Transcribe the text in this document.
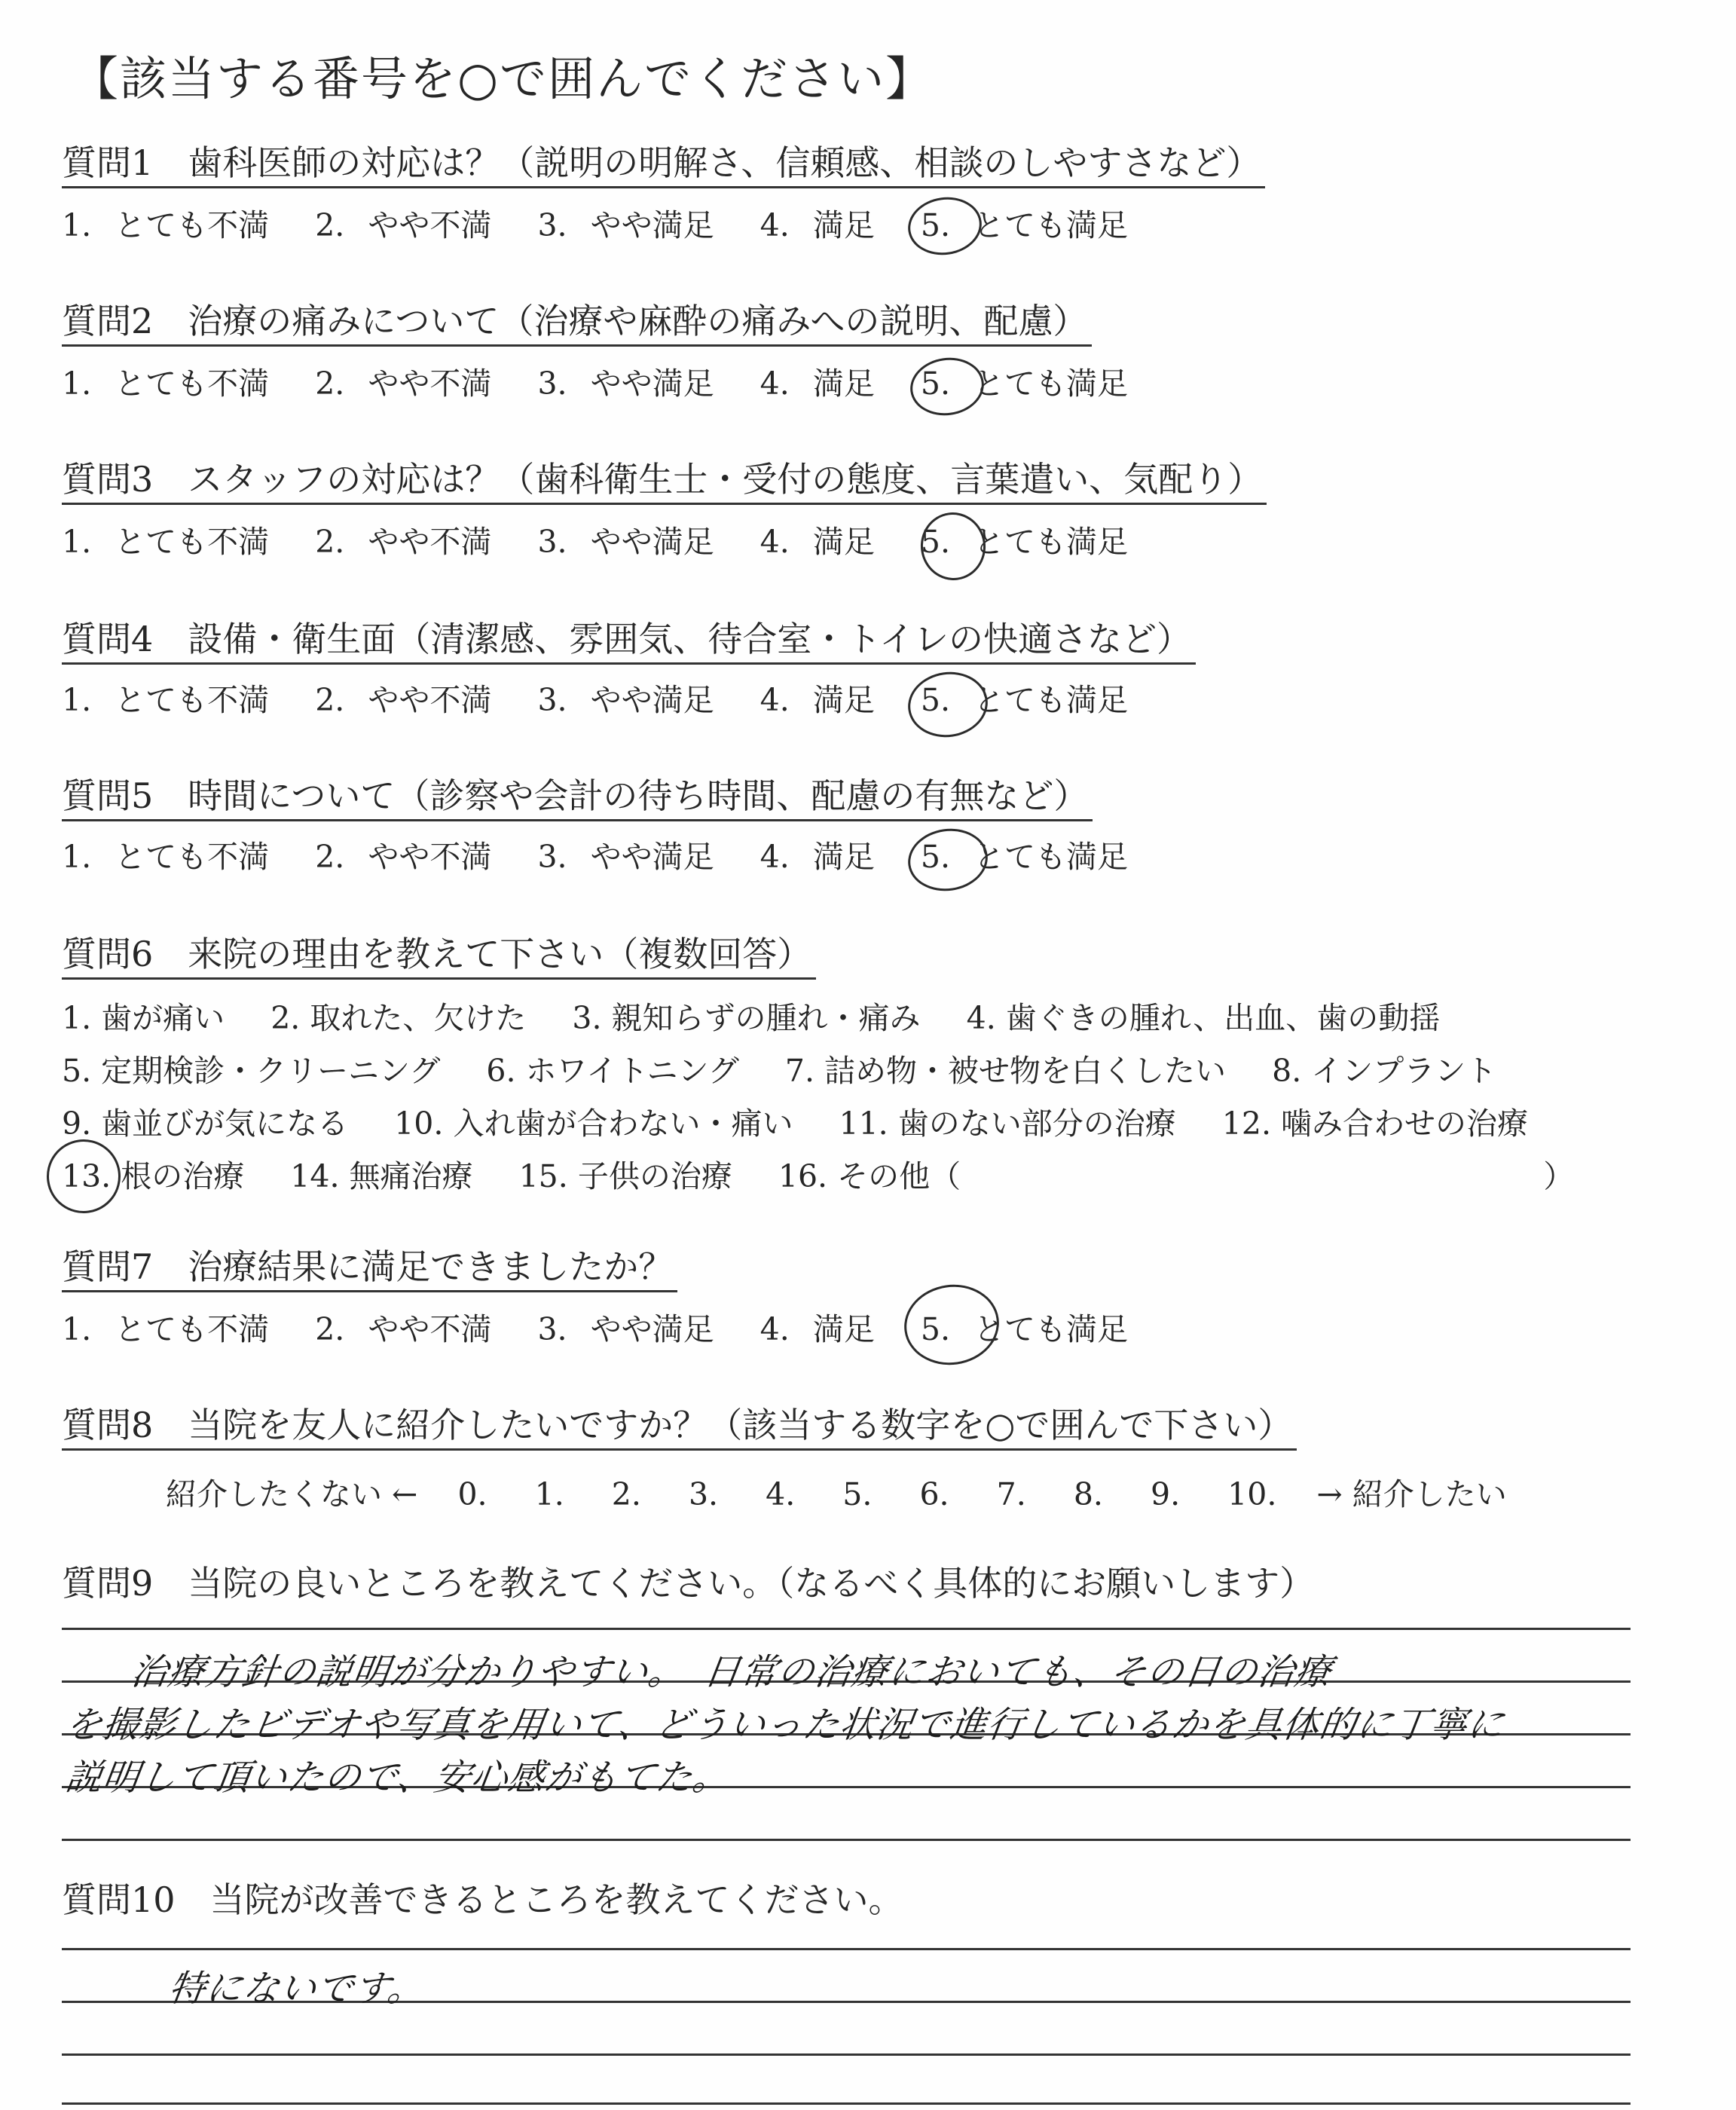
【該当する番号を○で囲んでください】
質問1　歯科医師の対応は？（説明の明解さ、信頼感、相談のしやすさなど）
1. とても不満 2. やや不満 3. やや満足 4. 満足 5. とても満足
質問2　治療の痛みについて（治療や麻酔の痛みへの説明、配慮）
1. とても不満 2. やや不満 3. やや満足 4. 満足 5. とても満足
質問3　スタッフの対応は？（歯科衛生士・受付の態度、言葉遣い、気配り）
1. とても不満 2. やや不満 3. やや満足 4. 満足 5. とても満足
質問4　設備・衛生面（清潔感、雰囲気、待合室・トイレの快適さなど）
1. とても不満 2. やや不満 3. やや満足 4. 満足 5. とても満足
質問5　時間について（診察や会計の待ち時間、配慮の有無など）
1. とても不満 2. やや不満 3. やや満足 4. 満足 5. とても満足
質問6　来院の理由を教えて下さい（複数回答）
1. 歯が痛い 2. 取れた、欠けた 3. 親知らずの腫れ・痛み 4. 歯ぐきの腫れ、出血、歯の動揺
5. 定期検診・クリーニング 6. ホワイトニング 7. 詰め物・被せ物を白くしたい 8. インプラント
9. 歯並びが気になる 10. 入れ歯が合わない・痛い 11. 歯のない部分の治療 12. 噛み合わせの治療
13. 根の治療 14. 無痛治療 15. 子供の治療 16. その他（	）
質問7　治療結果に満足できましたか？
1. とても不満 2. やや不満 3. やや満足 4. 満足 5. とても満足
質問8　当院を友人に紹介したいですか？（該当する数字を○で囲んで下さい）
紹介したくない ← 0. 1. 2. 3. 4. 5. 6. 7. 8. 9. 10. → 紹介したい
質問9　当院の良いところを教えてください。（なるべく具体的にお願いします）
治療方針の説明が分かりやすい。　日常の治療においても、その日の治療
を撮影したビデオや写真を用いて、どういった状況で進行しているかを具体的に丁寧に
説明して頂いたので、安心感がもてた。
質問10　当院が改善できるところを教えてください。
特にないです。
